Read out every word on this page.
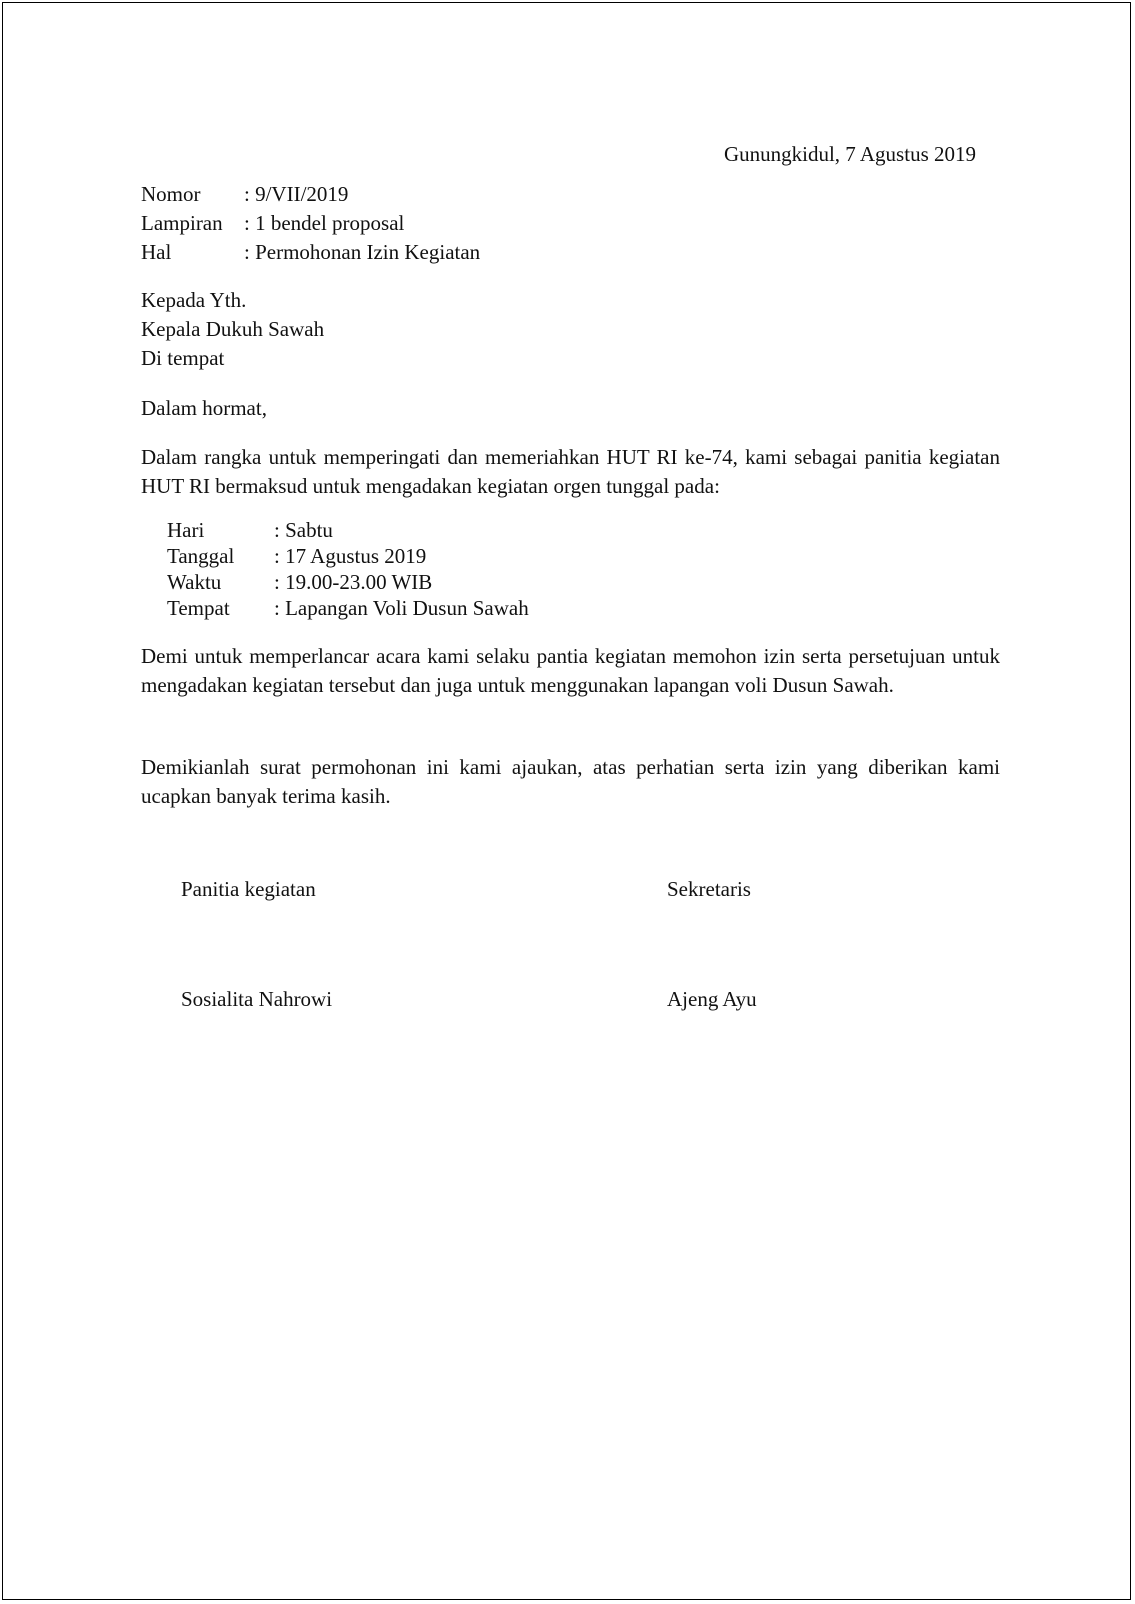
Gunungkidul, 7 Agustus 2019
Nomor	: 9/VII/2019
Lampiran	: 1 bendel proposal
Hal	: Permohonan Izin Kegiatan
Kepada Yth.
Kepala Dukuh Sawah
Di tempat
Dalam hormat,
Dalam rangka untuk memperingati dan memeriahkan HUT RI ke-74, kami sebagai panitia kegiatan HUT RI bermaksud untuk mengadakan kegiatan orgen tunggal pada:
Hari	: Sabtu
Tanggal	: 17 Agustus 2019
Waktu	: 19.00-23.00 WIB
Tempat	: Lapangan Voli Dusun Sawah
Demi untuk memperlancar acara kami selaku pantia kegiatan memohon izin serta persetujuan untuk mengadakan kegiatan tersebut dan juga untuk menggunakan lapangan voli Dusun Sawah.
Demikianlah surat permohonan ini kami ajaukan, atas perhatian serta izin yang diberikan kami ucapkan banyak terima kasih.
Panitia kegiatan	Sekretaris
Sosialita Nahrowi	Ajeng Ayu
